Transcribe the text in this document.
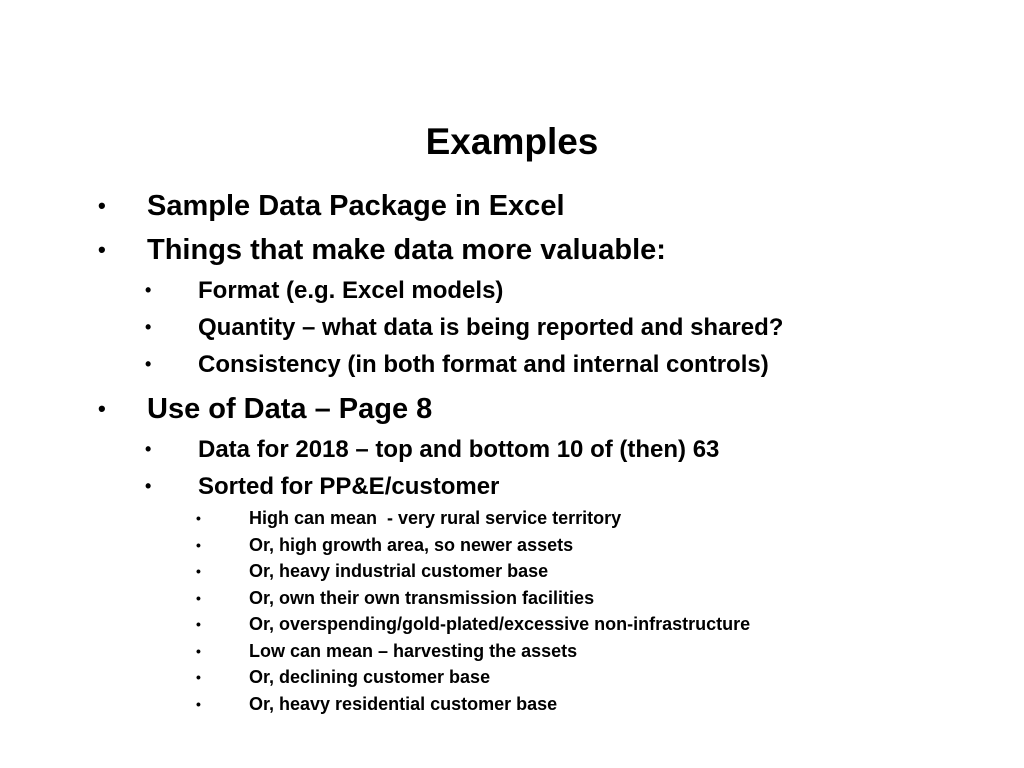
Examples
• Sample Data Package in Excel
• Things that make data more valuable:
• Format (e.g. Excel models)
• Quantity – what data is being reported and shared?
• Consistency (in both format and internal controls)
• Use of Data – Page 8
• Data for 2018 – top and bottom 10 of (then) 63
• Sorted for PP&E/customer
•	High can mean  - very rural service territory
•	Or, high growth area, so newer assets
•	Or, heavy industrial customer base
•	Or, own their own transmission facilities
•	Or, overspending/gold-plated/excessive non-infrastructure
•	Low can mean – harvesting the assets
•	Or, declining customer base
•	Or, heavy residential customer base
